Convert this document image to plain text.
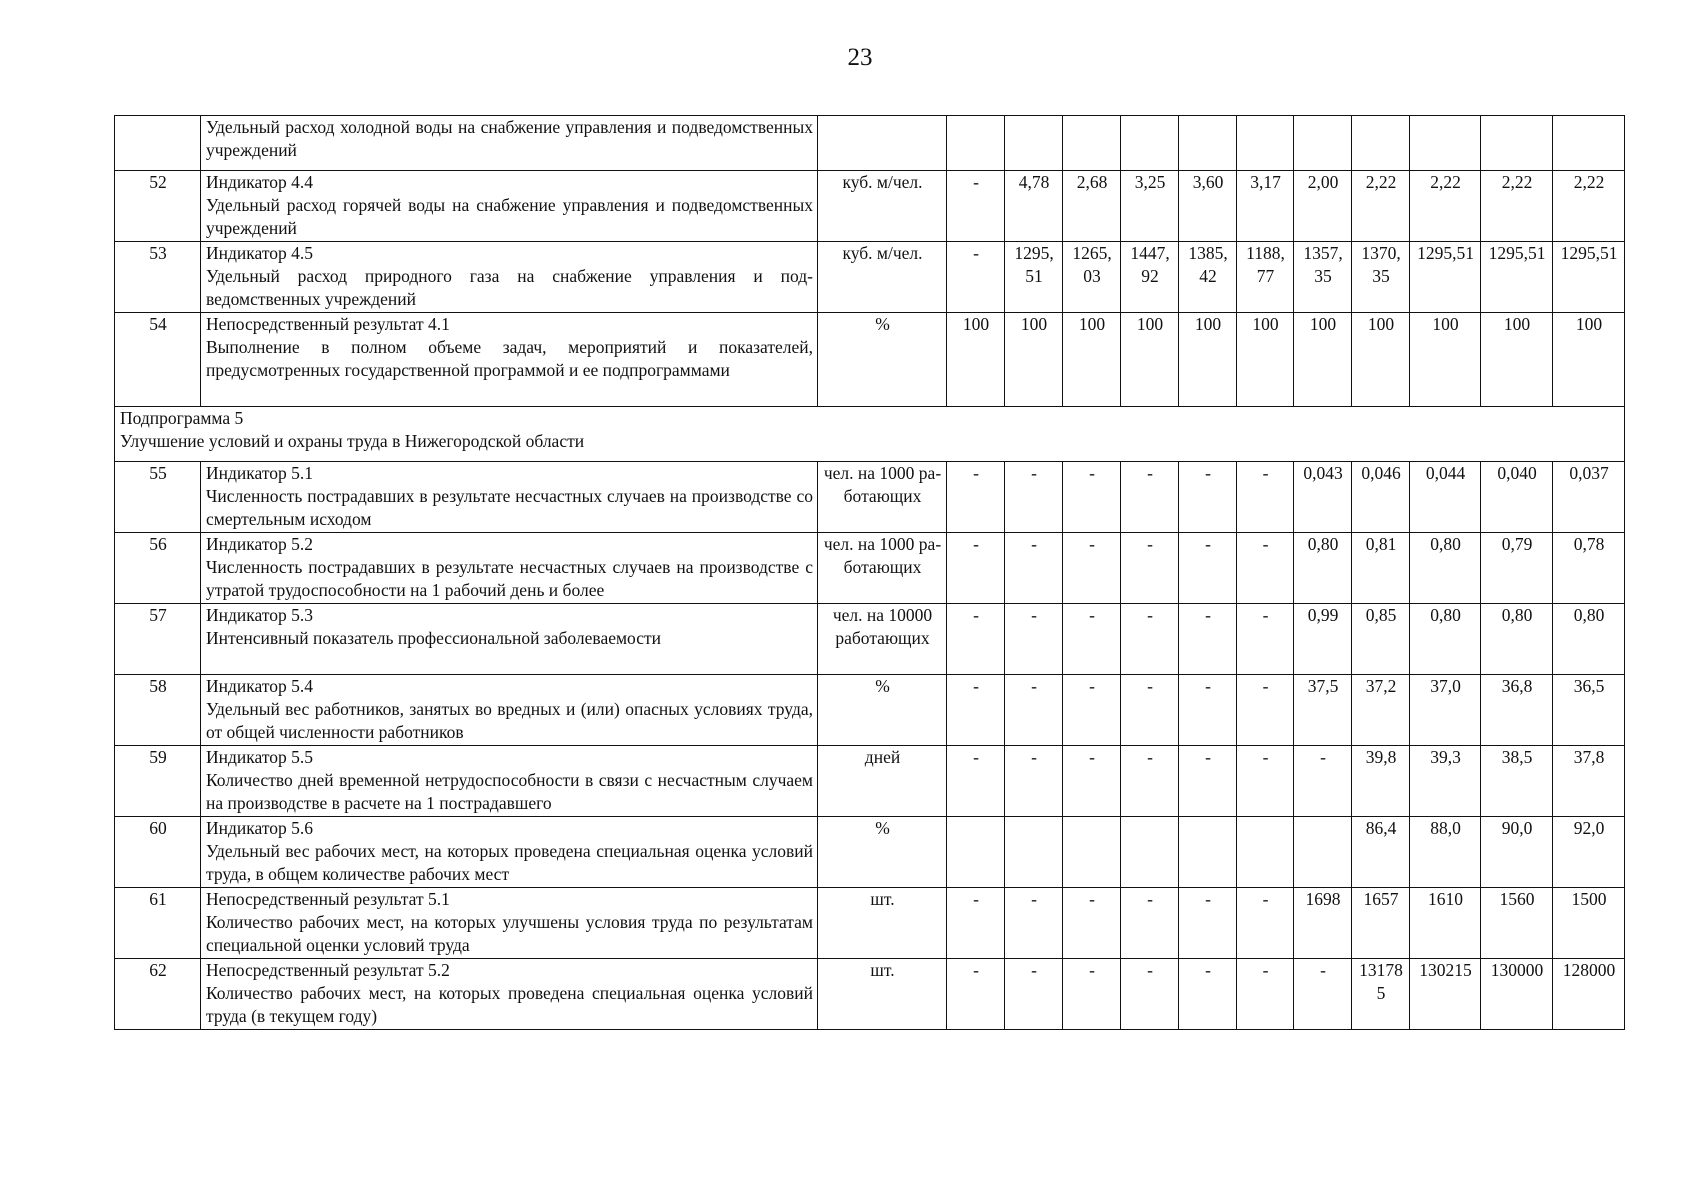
23

	Удельный расход холодной воды на снабжение управления и подведомственных учреждений												

52	Индикатор 4.4
Удельный расход горячей воды на снабжение управления и подведомственных учреждений	куб. м/чел.	-	4,78	2,68	3,25	3,60	3,17	2,00	2,22	2,22	2,22	2,22
53	Индикатор 4.5
Удельный расход природного газа на снабжение управления и подведомственных учреждений	куб. м/чел.	-	1295,51	1265,03	1447,92	1385,42	1188,77	1357,35	1370,35	1295,51	1295,51	1295,51
54	Непосредственный результат 4.1
Выполнение в полном объеме задач, мероприятий и показателей, предусмотренных государственной программой и ее подпрограммами	%	100	100	100	100	100	100	100	100	100	100	100

Подпрограмма 5
Улучшение условий и охраны труда в Нижегородской области													

55	Индикатор 5.1
Численность пострадавших в результате несчастных случаев на производстве со смертельным исходом	чел. на 1000 работающих	-	-	-	-	-	-	0,043	0,046	0,044	0,040	0,037
56	Индикатор 5.2
Численность пострадавших в результате несчастных случаев на производстве с утратой трудоспособности на 1 рабочий день и более	чел. на 1000 работающих	-	-	-	-	-	-	0,80	0,81	0,80	0,79	0,78
57	Индикатор 5.3
Интенсивный показатель профессиональной заболеваемости	чел. на 10000 работающих	-	-	-	-	-	-	0,99	0,85	0,80	0,80	0,80
58	Индикатор 5.4
Удельный вес работников, занятых во вредных и (или) опасных условиях труда, от общей численности работников	%	-	-	-	-	-	-	37,5	37,2	37,0	36,8	36,5
59	Индикатор 5.5
Количество дней временной нетрудоспособности в связи с несчастным случаем на производстве в расчете на 1 пострадавшего	дней	-	-	-	-	-	-	-	39,8	39,3	38,5	37,8
60	Индикатор 5.6
Удельный вес рабочих мест, на которых проведена специальная оценка условий труда, в общем количестве рабочих мест	%								86,4	88,0	90,0	92,0
61	Непосредственный результат 5.1
Количество рабочих мест, на которых улучшены условия труда по результатам специальной оценки условий труда	шт.	-	-	-	-	-	-	1698	1657	1610	1560	1500
62	Непосредственный результат 5.2
Количество рабочих мест, на которых проведена специальная оценка условий труда (в текущем году)	шт.	-	-	-	-	-	-	-	131785	130215	130000	128000
